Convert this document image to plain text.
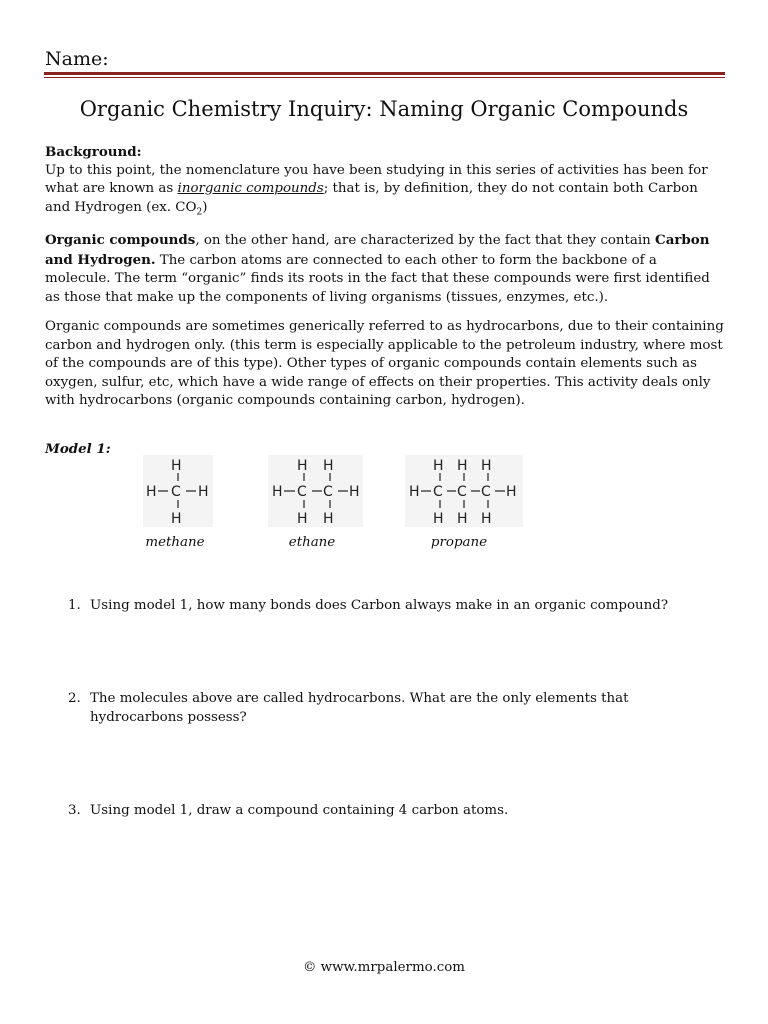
Name:
Organic Chemistry Inquiry: Naming Organic Compounds
Background:
Up to this point, the nomenclature you have been studying in this series of activities has been for what are known as inorganic compounds; that is, by definition, they do not contain both Carbon and Hydrogen (ex. $CO_2$)
Organic compounds, on the other hand, are characterized by the fact that they contain Carbon and Hydrogen. The carbon atoms are connected to each other to form the backbone of a molecule. The term “organic” finds its roots in the fact that these compounds were first identified as those that make up the components of living organisms (tissues, enzymes, etc.).
Organic compounds are sometimes generically referred to as hydrocarbons, due to their containing carbon and hydrogen only. (this term is especially applicable to the petroleum industry, where most of the compounds are of this type). Other types of organic compounds contain elements such as oxygen, sulfur, etc, which have a wide range of effects on their properties. This activity deals only with hydrocarbons (organic compounds containing carbon, hydrogen).
Model 1:
H
H C H
H
methane
H H
H C C H
H H
ethane
H H H
H C C C H
H H H
propane
1. Using model 1, how many bonds does Carbon always make in an organic compound?
2. The molecules above are called hydrocarbons. What are the only elements that hydrocarbons possess?
3. Using model 1, draw a compound containing 4 carbon atoms.
© www.mrpalermo.com
